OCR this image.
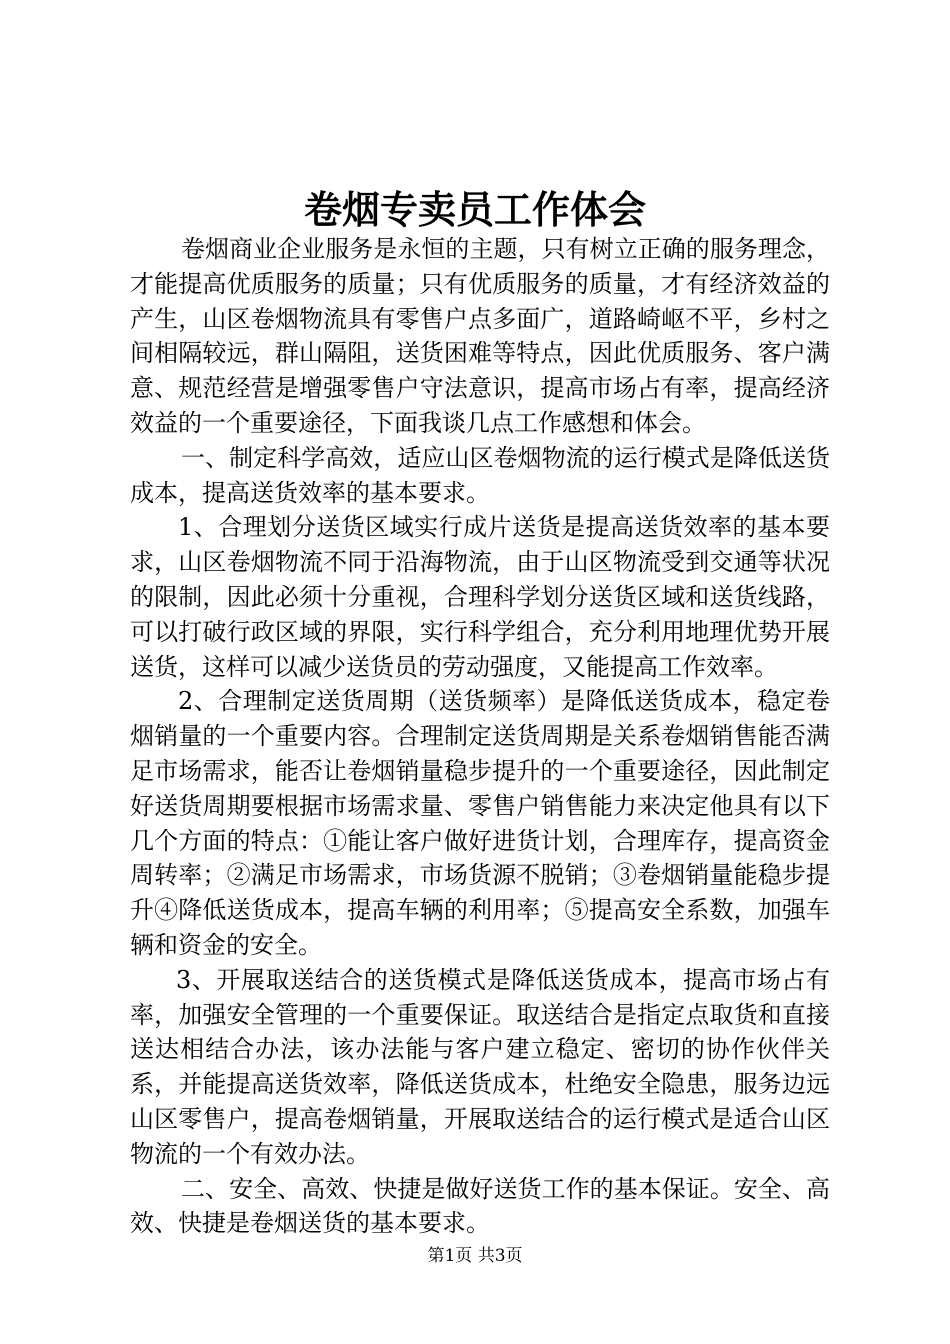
卷烟专卖员工作体会

卷烟商业企业服务是永恒的主题，只有树立正确的服务理念，才能提高优质服务的质量；只有优质服务的质量，才有经济效益的产生，山区卷烟物流具有零售户点多面广，道路崎岖不平，乡村之间相隔较远，群山隔阻，送货困难等特点，因此优质服务、客户满意、规范经营是增强零售户守法意识，提高市场占有率，提高经济效益的一个重要途径，下面我谈几点工作感想和体会。

一、制定科学高效，适应山区卷烟物流的运行模式是降低送货成本，提高送货效率的基本要求。

1、合理划分送货区域实行成片送货是提高送货效率的基本要求，山区卷烟物流不同于沿海物流，由于山区物流受到交通等状况的限制，因此必须十分重视，合理科学划分送货区域和送货线路，可以打破行政区域的界限，实行科学组合，充分利用地理优势开展送货，这样可以减少送货员的劳动强度，又能提高工作效率。

2、合理制定送货周期（送货频率）是降低送货成本，稳定卷烟销量的一个重要内容。合理制定送货周期是关系卷烟销售能否满足市场需求，能否让卷烟销量稳步提升的一个重要途径，因此制定好送货周期要根据市场需求量、零售户销售能力来决定他具有以下几个方面的特点：①能让客户做好进货计划，合理库存，提高资金周转率；②满足市场需求，市场货源不脱销；③卷烟销量能稳步提升④降低送货成本，提高车辆的利用率；⑤提高安全系数，加强车辆和资金的安全。

3、开展取送结合的送货模式是降低送货成本，提高市场占有率，加强安全管理的一个重要保证。取送结合是指定点取货和直接送达相结合办法，该办法能与客户建立稳定、密切的协作伙伴关系，并能提高送货效率，降低送货成本，杜绝安全隐患，服务边远山区零售户，提高卷烟销量，开展取送结合的运行模式是适合山区物流的一个有效办法。

二、安全、高效、快捷是做好送货工作的基本保证。安全、高效、快捷是卷烟送货的基本要求。

第1页 共3页
